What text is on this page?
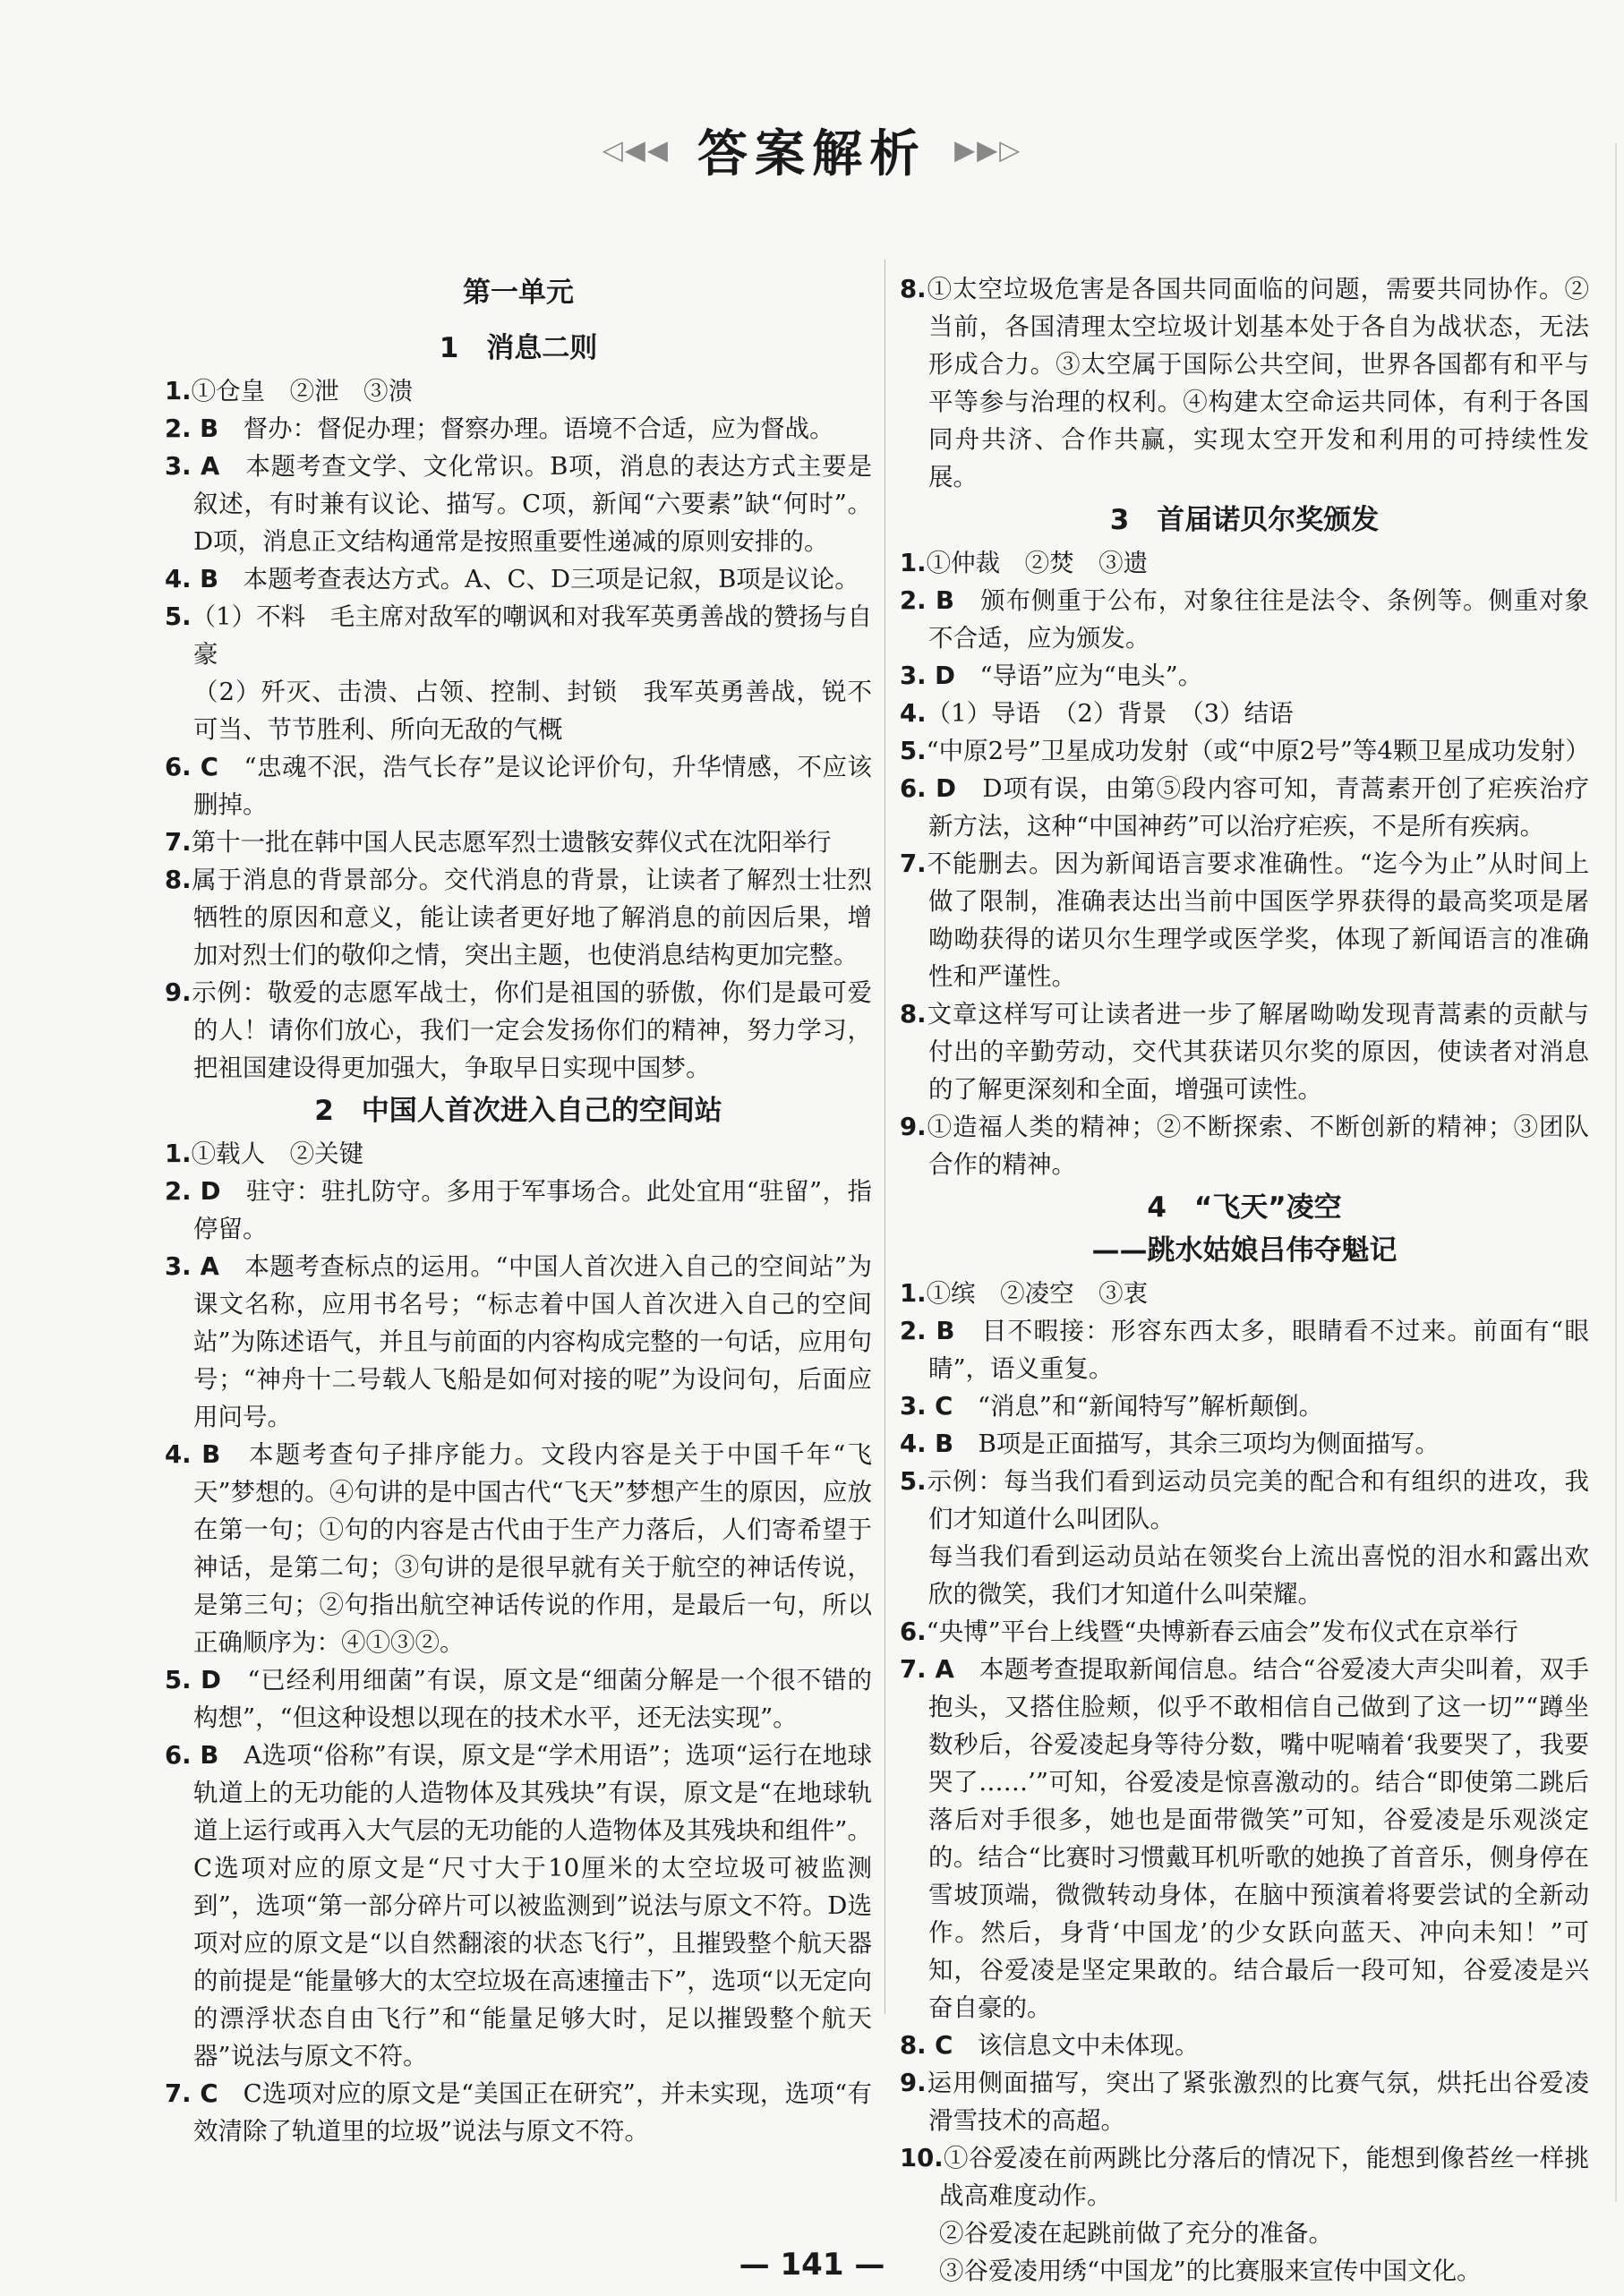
◁◀◀ 答案解析 ▶▶▷
第一单元
1　消息二则

1.①仓皇　②泄　③溃

2. B　督办：督促办理；督察办理。语境不合适，应为督战。

3. A　本题考查文学、文化常识。B项，消息的表达方式主要是叙述，有时兼有议论、描写。C项，新闻“六要素”缺“何时”。D项，消息正文结构通常是按照重要性递减的原则安排的。

4. B　本题考查表达方式。A、C、D三项是记叙，B项是议论。

5.（1）不料　毛主席对敌军的嘲讽和对我军英勇善战的赞扬与自豪

（2）歼灭、击溃、占领、控制、封锁　我军英勇善战，锐不可当、节节胜利、所向无敌的气概

6. C　“忠魂不泯，浩气长存”是议论评价句，升华情感，不应该删掉。

7.第十一批在韩中国人民志愿军烈士遗骸安葬仪式在沈阳举行

8.属于消息的背景部分。交代消息的背景，让读者了解烈士壮烈牺牲的原因和意义，能让读者更好地了解消息的前因后果，增加对烈士们的敬仰之情，突出主题，也使消息结构更加完整。

9.示例：敬爱的志愿军战士，你们是祖国的骄傲，你们是最可爱的人！请你们放心，我们一定会发扬你们的精神，努力学习，把祖国建设得更加强大，争取早日实现中国梦。

2　中国人首次进入自己的空间站

1.①载人　②关键

2. D　驻守：驻扎防守。多用于军事场合。此处宜用“驻留”，指停留。

3. A　本题考查标点的运用。“中国人首次进入自己的空间站”为课文名称，应用书名号；“标志着中国人首次进入自己的空间站”为陈述语气，并且与前面的内容构成完整的一句话，应用句号；“神舟十二号载人飞船是如何对接的呢”为设问句，后面应用问号。

4. B　本题考查句子排序能力。文段内容是关于中国千年“飞天”梦想的。④句讲的是中国古代“飞天”梦想产生的原因，应放在第一句；①句的内容是古代由于生产力落后，人们寄希望于神话，是第二句；③句讲的是很早就有关于航空的神话传说，是第三句；②句指出航空神话传说的作用，是最后一句，所以正确顺序为：④①③②。

5. D　“已经利用细菌”有误，原文是“细菌分解是一个很不错的构想”，“但这种设想以现在的技术水平，还无法实现”。

6. B　A选项“俗称”有误，原文是“学术用语”；选项“运行在地球轨道上的无功能的人造物体及其残块”有误，原文是“在地球轨道上运行或再入大气层的无功能的人造物体及其残块和组件”。C选项对应的原文是“尺寸大于10厘米的太空垃圾可被监测到”，选项“第一部分碎片可以被监测到”说法与原文不符。D选项对应的原文是“以自然翻滚的状态飞行”，且摧毁整个航天器的前提是“能量够大的太空垃圾在高速撞击下”，选项“以无定向的漂浮状态自由飞行”和“能量足够大时，足以摧毁整个航天器”说法与原文不符。

7. C　C选项对应的原文是“美国正在研究”，并未实现，选项“有效清除了轨道里的垃圾”说法与原文不符。

8.①太空垃圾危害是各国共同面临的问题，需要共同协作。②当前，各国清理太空垃圾计划基本处于各自为战状态，无法形成合力。③太空属于国际公共空间，世界各国都有和平与平等参与治理的权利。④构建太空命运共同体，有利于各国同舟共济、合作共赢，实现太空开发和利用的可持续性发展。

3　首届诺贝尔奖颁发

1.①仲裁　②焚　③遗

2. B　颁布侧重于公布，对象往往是法令、条例等。侧重对象不合适，应为颁发。

3. D　“导语”应为“电头”。

4.（1）导语　（2）背景　（3）结语

5.“中原2号”卫星成功发射（或“中原2号”等4颗卫星成功发射）

6. D　D项有误，由第⑤段内容可知，青蒿素开创了疟疾治疗新方法，这种“中国神药”可以治疗疟疾，不是所有疾病。

7.不能删去。因为新闻语言要求准确性。“迄今为止”从时间上做了限制，准确表达出当前中国医学界获得的最高奖项是屠呦呦获得的诺贝尔生理学或医学奖，体现了新闻语言的准确性和严谨性。

8.文章这样写可让读者进一步了解屠呦呦发现青蒿素的贡献与付出的辛勤劳动，交代其获诺贝尔奖的原因，使读者对消息的了解更深刻和全面，增强可读性。

9.①造福人类的精神；②不断探索、不断创新的精神；③团队合作的精神。

4　“飞天”凌空
——跳水姑娘吕伟夺魁记

1.①缤　②凌空　③衷

2. B　目不暇接：形容东西太多，眼睛看不过来。前面有“眼睛”，语义重复。

3. C　“消息”和“新闻特写”解析颠倒。

4. B　B项是正面描写，其余三项均为侧面描写。

5.示例：每当我们看到运动员完美的配合和有组织的进攻，我们才知道什么叫团队。

每当我们看到运动员站在领奖台上流出喜悦的泪水和露出欢欣的微笑，我们才知道什么叫荣耀。

6.“央博”平台上线暨“央博新春云庙会”发布仪式在京举行

7. A　本题考查提取新闻信息。结合“谷爱凌大声尖叫着，双手抱头，又搭住脸颊，似乎不敢相信自己做到了这一切”“蹲坐数秒后，谷爱凌起身等待分数，嘴中呢喃着‘我要哭了，我要哭了……’”可知，谷爱凌是惊喜激动的。结合“即使第二跳后落后对手很多，她也是面带微笑”可知，谷爱凌是乐观淡定的。结合“比赛时习惯戴耳机听歌的她换了首音乐，侧身停在雪坡顶端，微微转动身体，在脑中预演着将要尝试的全新动作。然后，身背‘中国龙’的少女跃向蓝天、冲向未知！”可知，谷爱凌是坚定果敢的。结合最后一段可知，谷爱凌是兴奋自豪的。

8. C　该信息文中未体现。

9.运用侧面描写，突出了紧张激烈的比赛气氛，烘托出谷爱凌滑雪技术的高超。

10.①谷爱凌在前两跳比分落后的情况下，能想到像苔丝一样挑战高难度动作。

②谷爱凌在起跳前做了充分的准备。

③谷爱凌用绣“中国龙”的比赛服来宣传中国文化。

— 141 —
